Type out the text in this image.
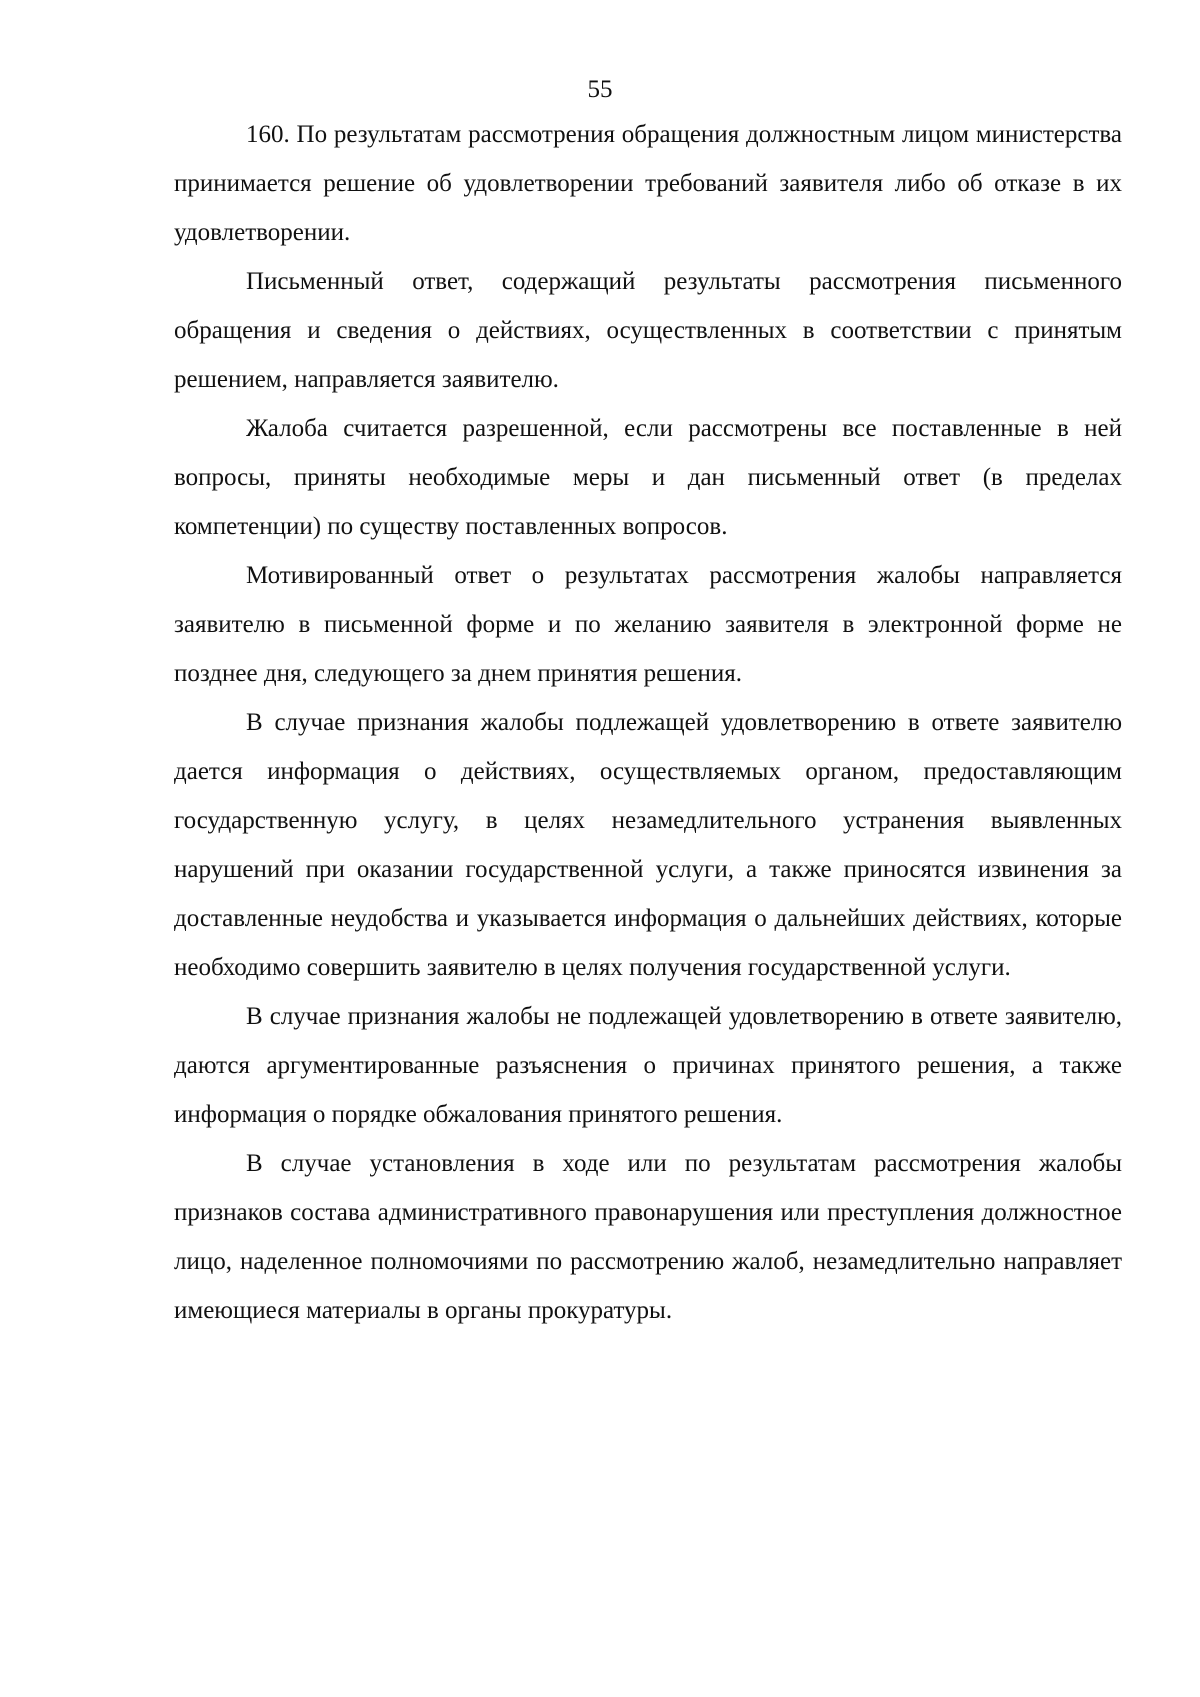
55

160. По результатам рассмотрения обращения должностным лицом министерства принимается решение об удовлетворении требований заявителя либо об отказе в их удовлетворении.

Письменный ответ, содержащий результаты рассмотрения письменного обращения и сведения о действиях, осуществленных в соответствии с принятым решением, направляется заявителю.

Жалоба считается разрешенной, если рассмотрены все поставленные в ней вопросы, приняты необходимые меры и дан письменный ответ (в пределах компетенции) по существу поставленных вопросов.

Мотивированный ответ о результатах рассмотрения жалобы направляется заявителю в письменной форме и по желанию заявителя в электронной форме не позднее дня, следующего за днем принятия решения.

В случае признания жалобы подлежащей удовлетворению в ответе заявителю дается информация о действиях, осуществляемых органом, предоставляющим государственную услугу, в целях незамедлительного устранения выявленных нарушений при оказании государственной услуги, а также приносятся извинения за доставленные неудобства и указывается информация о дальнейших действиях, которые необходимо совершить заявителю в целях получения государственной услуги.

В случае признания жалобы не подлежащей удовлетворению в ответе заявителю, даются аргументированные разъяснения о причинах принятого решения, а также информация о порядке обжалования принятого решения.

В случае установления в ходе или по результатам рассмотрения жалобы признаков состава административного правонарушения или преступления должностное лицо, наделенное полномочиями по рассмотрению жалоб, незамедлительно направляет имеющиеся материалы в органы прокуратуры.
